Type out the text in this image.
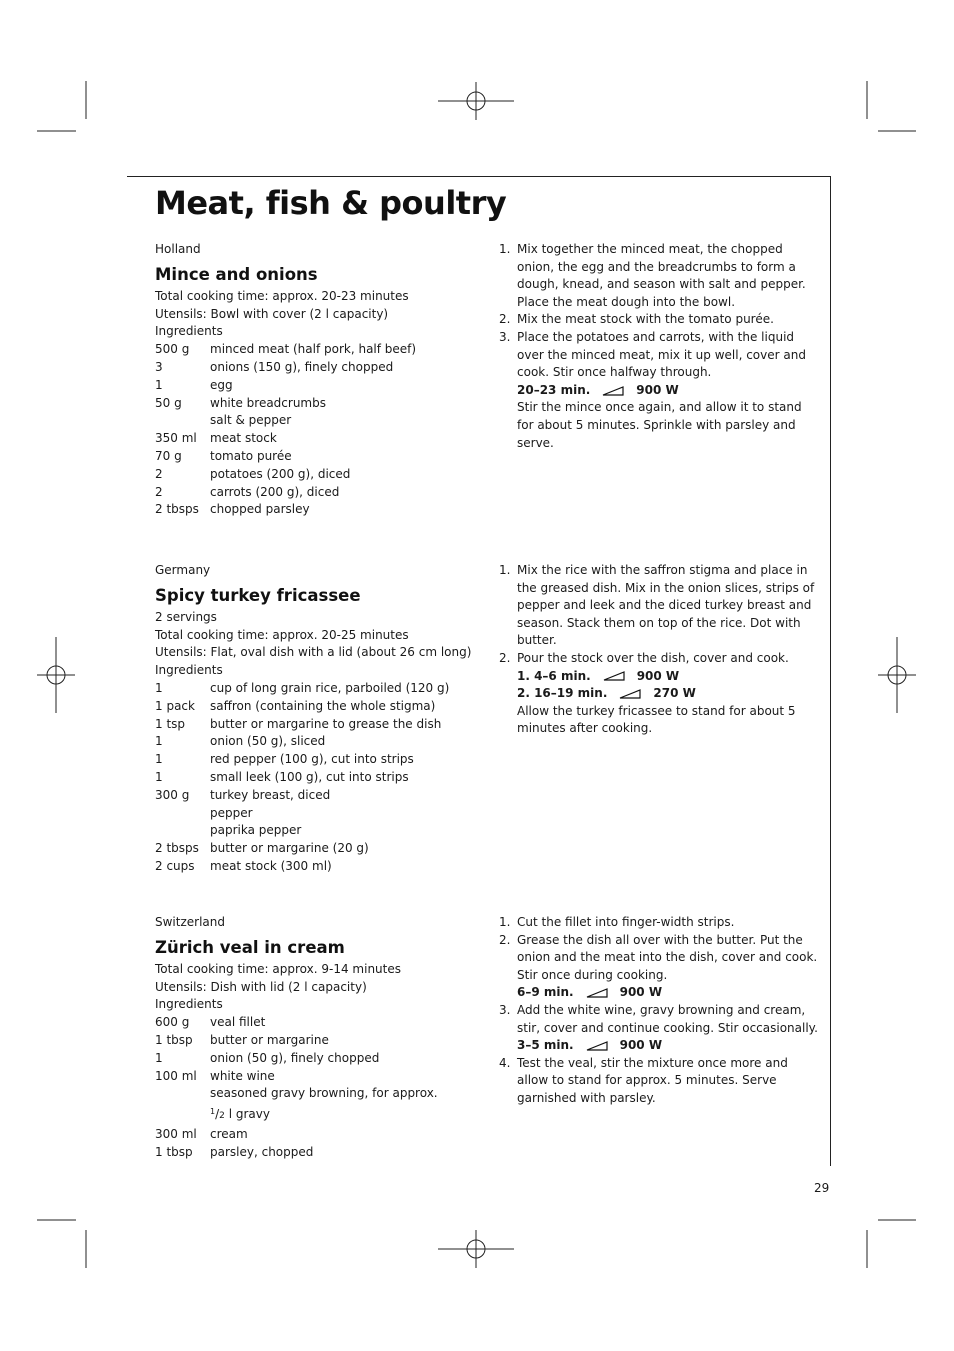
Meat, fish & poultry
Holland
Mince and onions
Total cooking time: approx. 20-23 minutes
Utensils: Bowl with cover (2 l capacity)
Ingredients
500 g	minced meat (half pork, half beef)
3	onions (150 g), finely chopped
1	egg
50 g	white breadcrumbs
salt & pepper
350 ml	meat stock
70 g	tomato purée
2	potatoes (200 g), diced
2	carrots (200 g), diced
2 tbsps chopped parsley
1. Mix together the minced meat, the chopped onion, the egg and the breadcrumbs to form a dough, knead, and season with salt and pepper. Place the meat dough into the bowl.
2. Mix the meat stock with the tomato purée.
3. Place the potatoes and carrots, with the liquid over the minced meat, mix it up well, cover and cook. Stir once halfway through.
20–23 min.	900 W
Stir the mince once again, and allow it to stand for about 5 minutes. Sprinkle with parsley and serve.
Germany
Spicy turkey fricassee
2 servings
Total cooking time: approx. 20-25 minutes
Utensils: Flat, oval dish with a lid (about 26 cm long)
Ingredients
1	cup of long grain rice, parboiled (120 g)
1 pack	saffron (containing the whole stigma)
1 tsp	butter or margarine to grease the dish
1	onion (50 g), sliced
1	red pepper (100 g), cut into strips
1	small leek (100 g), cut into strips
300 g	turkey breast, diced
pepper
paprika pepper
2 tbsps butter or margarine (20 g)
2 cups	meat stock (300 ml)
1. Mix the rice with the saffron stigma and place in the greased dish. Mix in the onion slices, strips of pepper and leek and the diced turkey breast and season. Stack them on top of the rice. Dot with butter.
2. Pour the stock over the dish, cover and cook.
1. 4–6 min.	900 W
2. 16–19 min.	270 W
Allow the turkey fricassee to stand for about 5 minutes after cooking.
Switzerland
Zürich veal in cream
Total cooking time: approx. 9-14 minutes
Utensils: Dish with lid (2 l capacity)
Ingredients
600 g	veal fillet
1 tbsp	butter or margarine
1	onion (50 g), finely chopped
100 ml	white wine
seasoned gravy browning, for approx.
$^1$/2 l gravy
300 ml	cream
1 tbsp	parsley, chopped
1. Cut the fillet into finger-width strips.
2. Grease the dish all over with the butter. Put the onion and the meat into the dish, cover and cook. Stir once during cooking.
6–9 min.	900 W
3. Add the white wine, gravy browning and cream, stir, cover and continue cooking. Stir occasionally.
3–5 min.	900 W
4. Test the veal, stir the mixture once more and allow to stand for approx. 5 minutes. Serve garnished with parsley.
29
